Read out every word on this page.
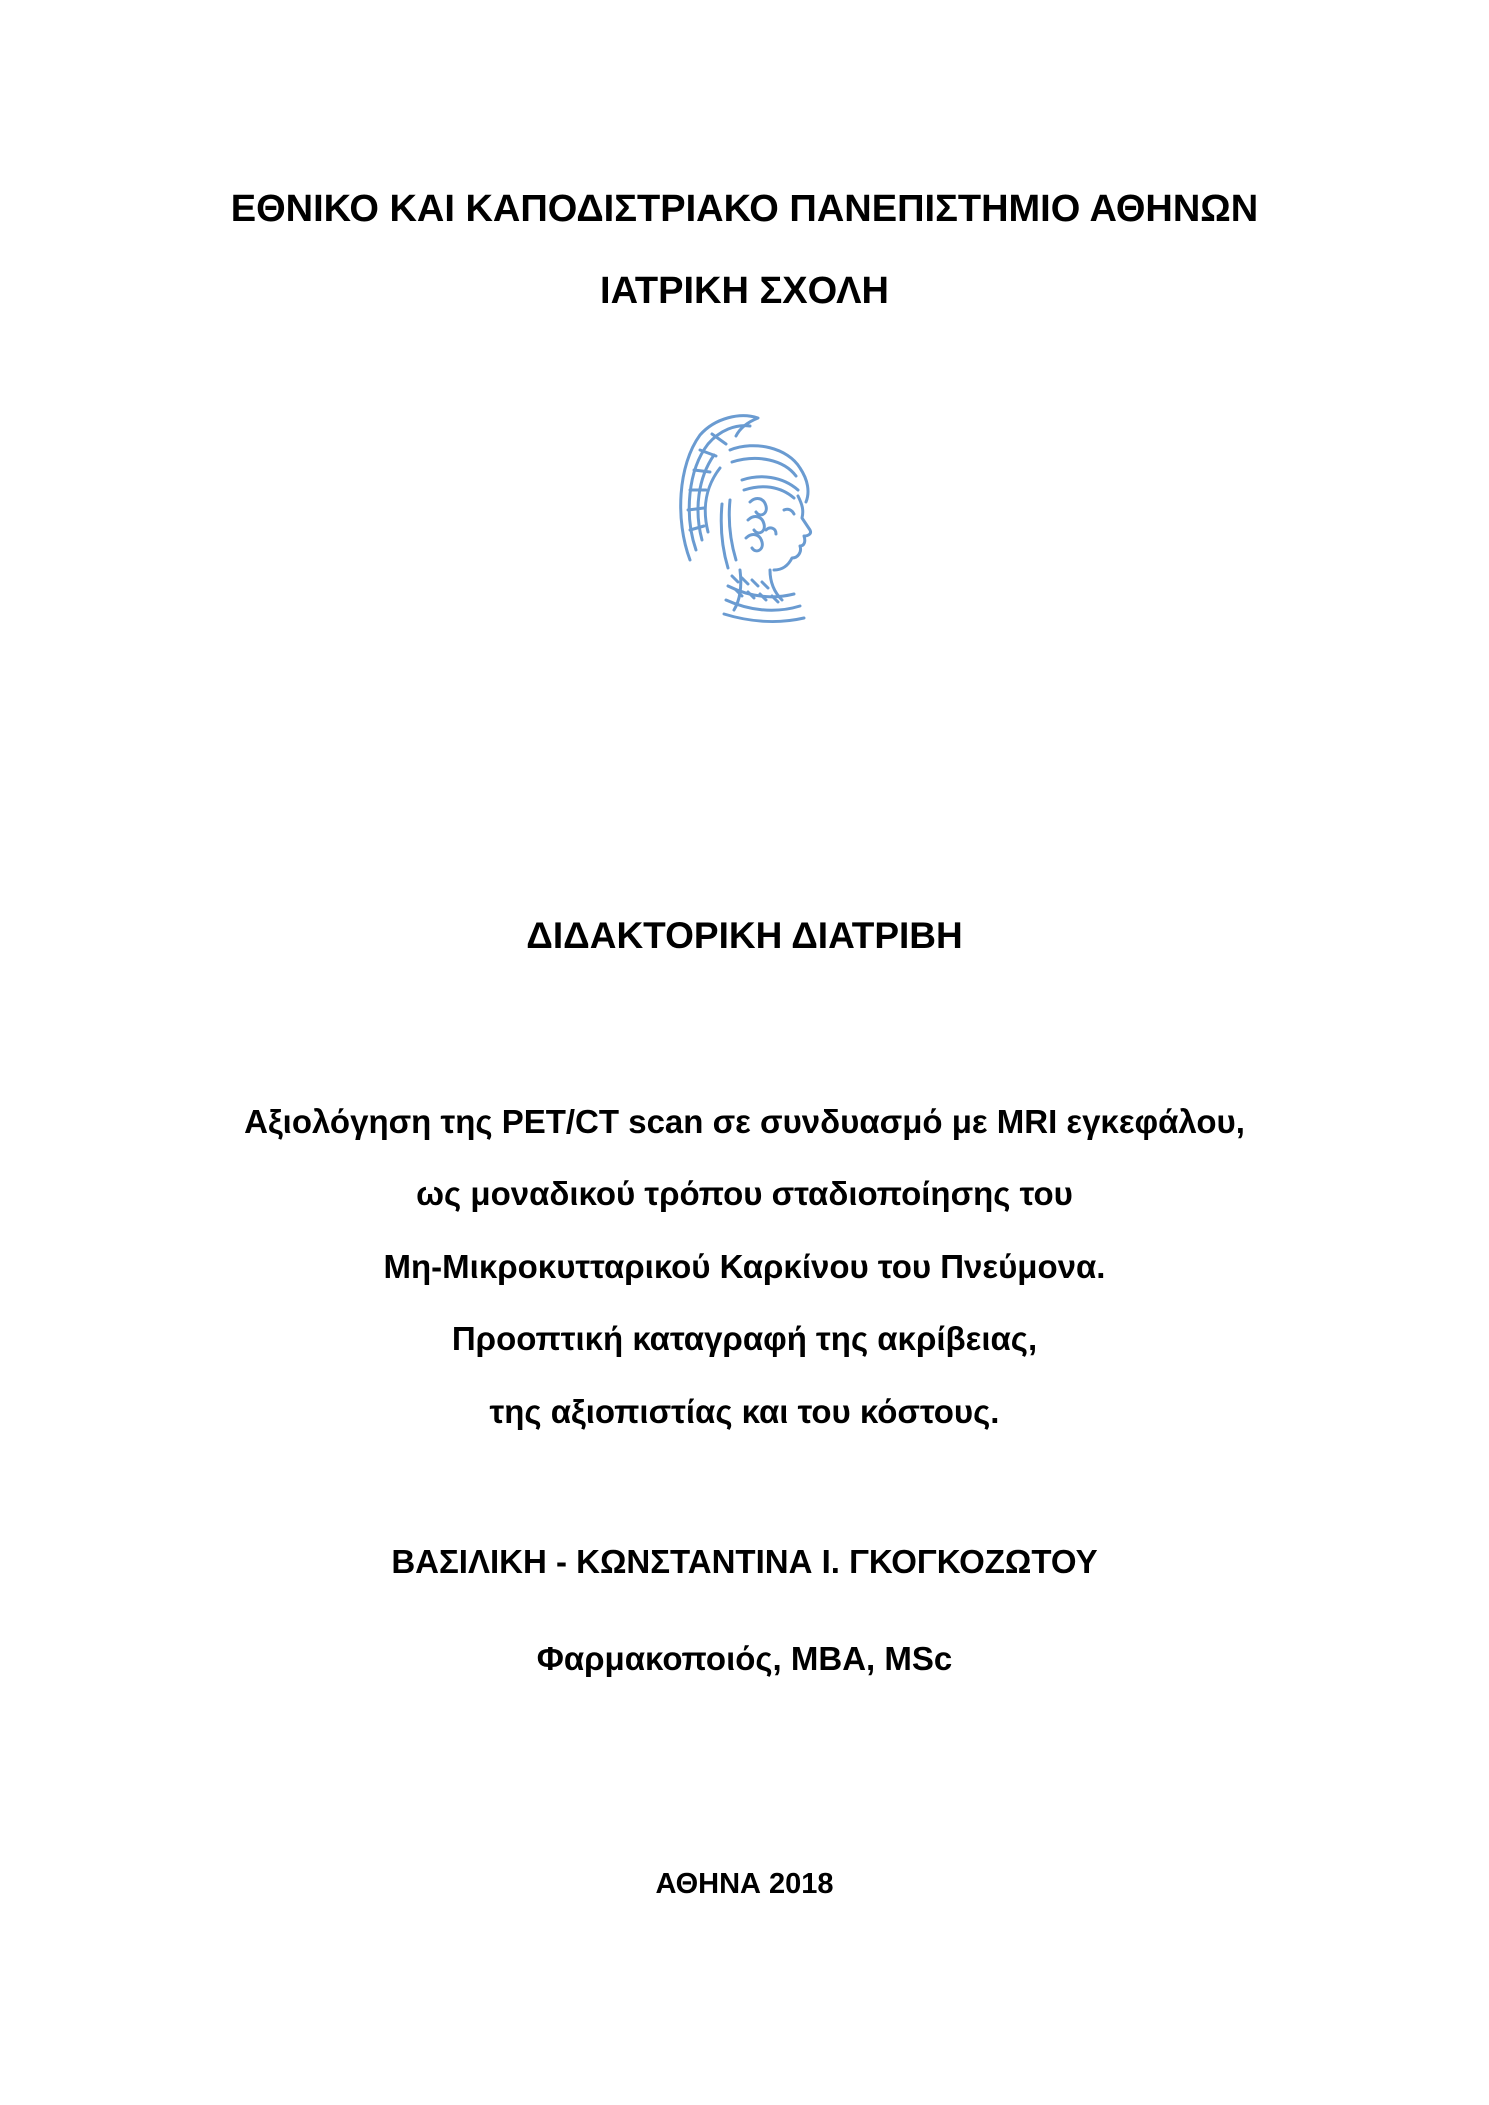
ΕΘΝΙΚΟ ΚΑΙ ΚΑΠΟΔΙΣΤΡΙΑΚΟ ΠΑΝΕΠΙΣΤΗΜΙΟ ΑΘΗΝΩΝ
ΙΑΤΡΙΚΗ ΣΧΟΛΗ
ΔΙΔΑΚΤΟΡΙΚΗ ΔΙΑΤΡΙΒΗ
Αξιολόγηση της PET/CT scan σε συνδυασμό με MRI εγκεφάλου,
ως μοναδικού τρόπου σταδιοποίησης του
Μη-Μικροκυτταρικού Καρκίνου του Πνεύμονα.
Προοπτική καταγραφή της ακρίβειας,
της αξιοπιστίας και του κόστους.
ΒΑΣΙΛΙΚΗ - ΚΩΝΣΤΑΝΤΙΝΑ Ι. ΓΚΟΓΚΟΖΩΤΟΥ
Φαρμακοποιός, MBA, MSc
ΑΘΗΝΑ 2018
